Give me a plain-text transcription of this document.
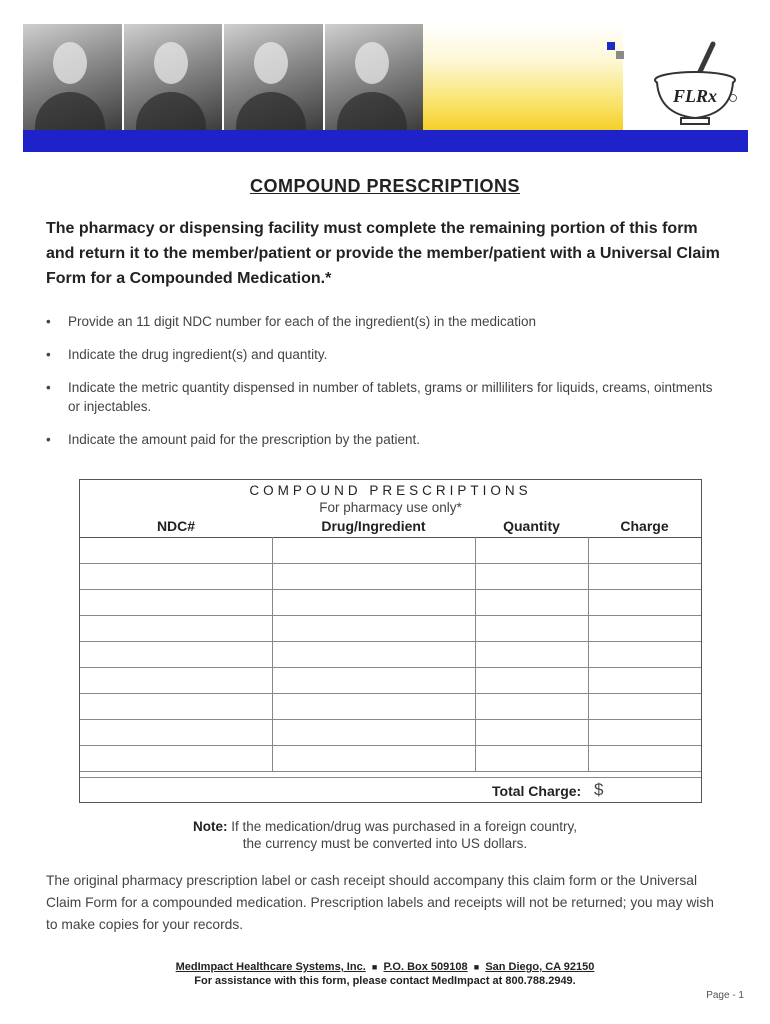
FLRx
COMPOUND PRESCRIPTIONS
The pharmacy or dispensing facility must complete the remaining portion of this form and return it to the member/patient or provide the member/patient with a Universal Claim Form for a Compounded Medication.*
• Provide an 11 digit NDC number for each of the ingredient(s) in the medication
• Indicate the drug ingredient(s) and quantity.
• Indicate the metric quantity dispensed in number of tablets, grams or milliliters for liquids, creams, ointments or injectables.
• Indicate the amount paid for the prescription by the patient.
COMPOUND PRESCRIPTIONS
For pharmacy use only*
NDC#	Drug/Ingredient	Quantity	Charge

Total Charge: $
Note: If the medication/drug was purchased in a foreign country,
the currency must be converted into US dollars.
The original pharmacy prescription label or cash receipt should accompany this claim form or the Universal Claim Form for a compounded medication. Prescription labels and receipts will not be returned; you may wish to make copies for your records.
MedImpact Healthcare Systems, Inc. ■ P.O. Box 509108 ■ San Diego, CA 92150
For assistance with this form, please contact MedImpact at 800.788.2949.
Page - 1
